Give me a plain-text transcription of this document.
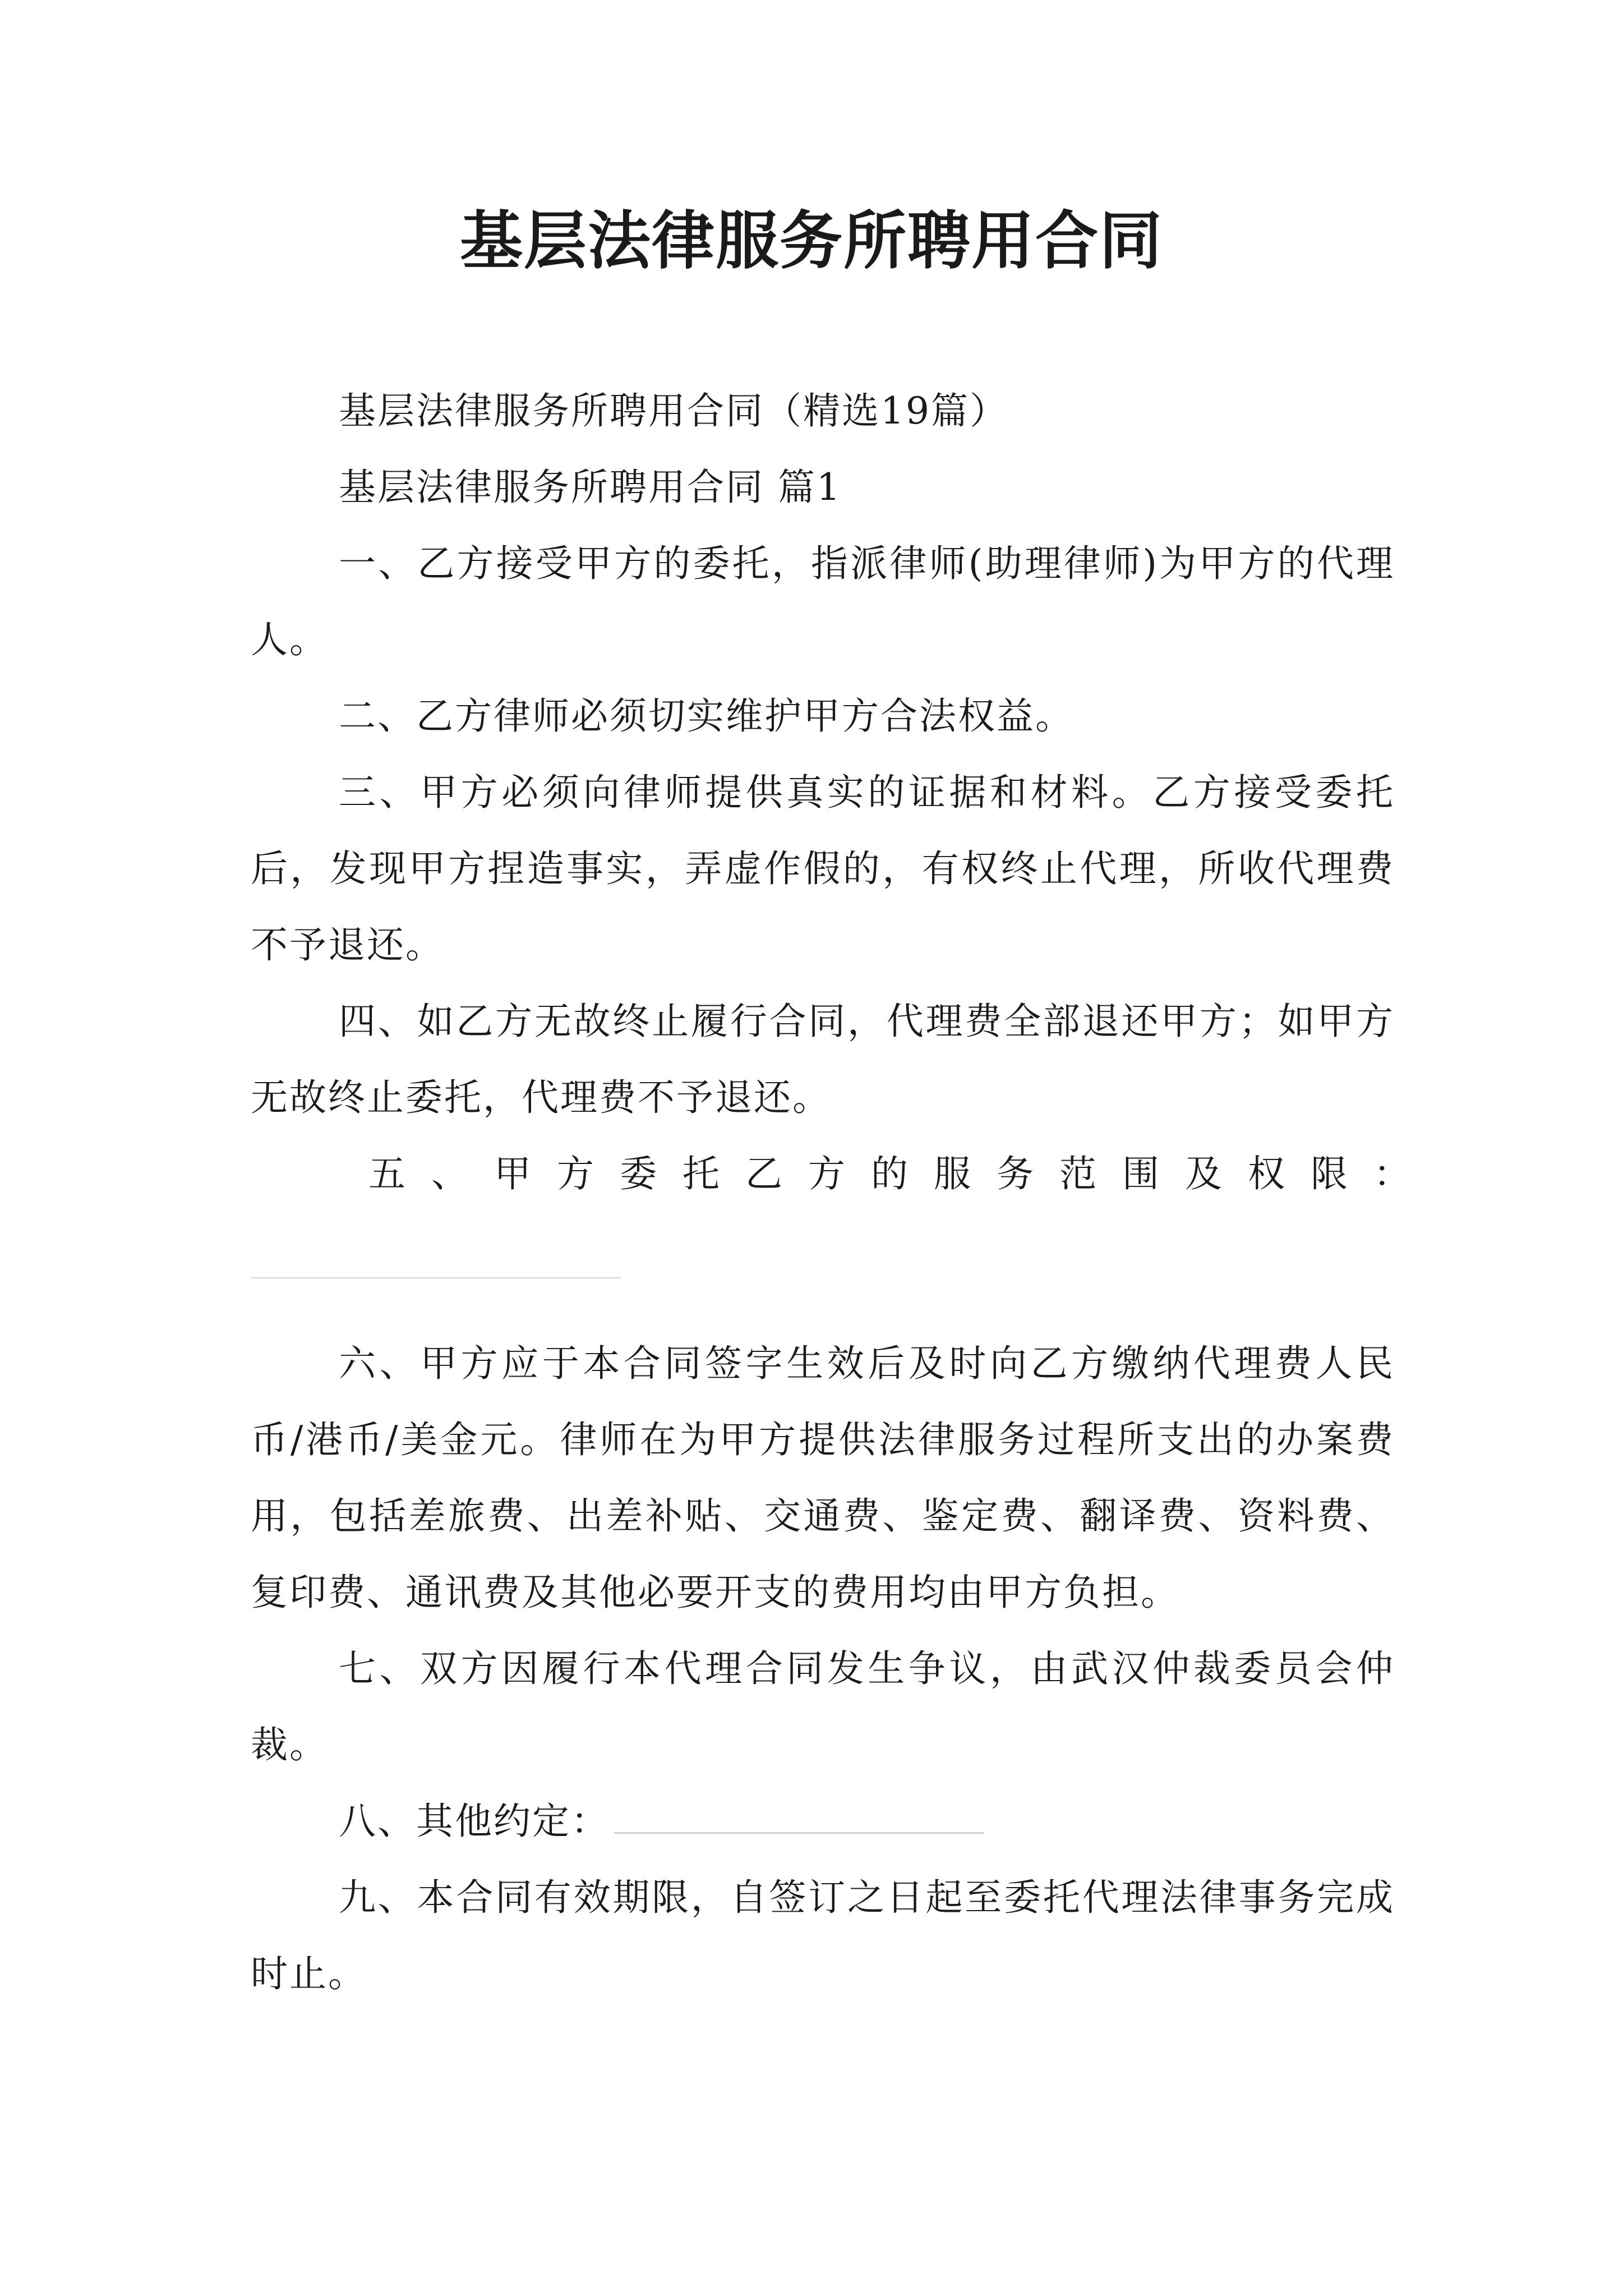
基层法律服务所聘用合同

基层法律服务所聘用合同（精选19篇）

基层法律服务所聘用合同 篇1

一、乙方接受甲方的委托，指派律师(助理律师)为甲方的代理人。

二、乙方律师必须切实维护甲方合法权益。

三、甲方必须向律师提供真实的证据和材料。乙方接受委托后，发现甲方捏造事实，弄虚作假的，有权终止代理，所收代理费不予退还。

四、如乙方无故终止履行合同，代理费全部退还甲方；如甲方无故终止委托，代理费不予退还。

五、甲方委托乙方的服务范围及权限：

六、甲方应于本合同签字生效后及时向乙方缴纳代理费人民币/港币/美金元。律师在为甲方提供法律服务过程所支出的办案费用，包括差旅费、出差补贴、交通费、鉴定费、翻译费、资料费、复印费、通讯费及其他必要开支的费用均由甲方负担。

七、双方因履行本代理合同发生争议，由武汉仲裁委员会仲裁。

八、其他约定：

九、本合同有效期限，自签订之日起至委托代理法律事务完成时止。
